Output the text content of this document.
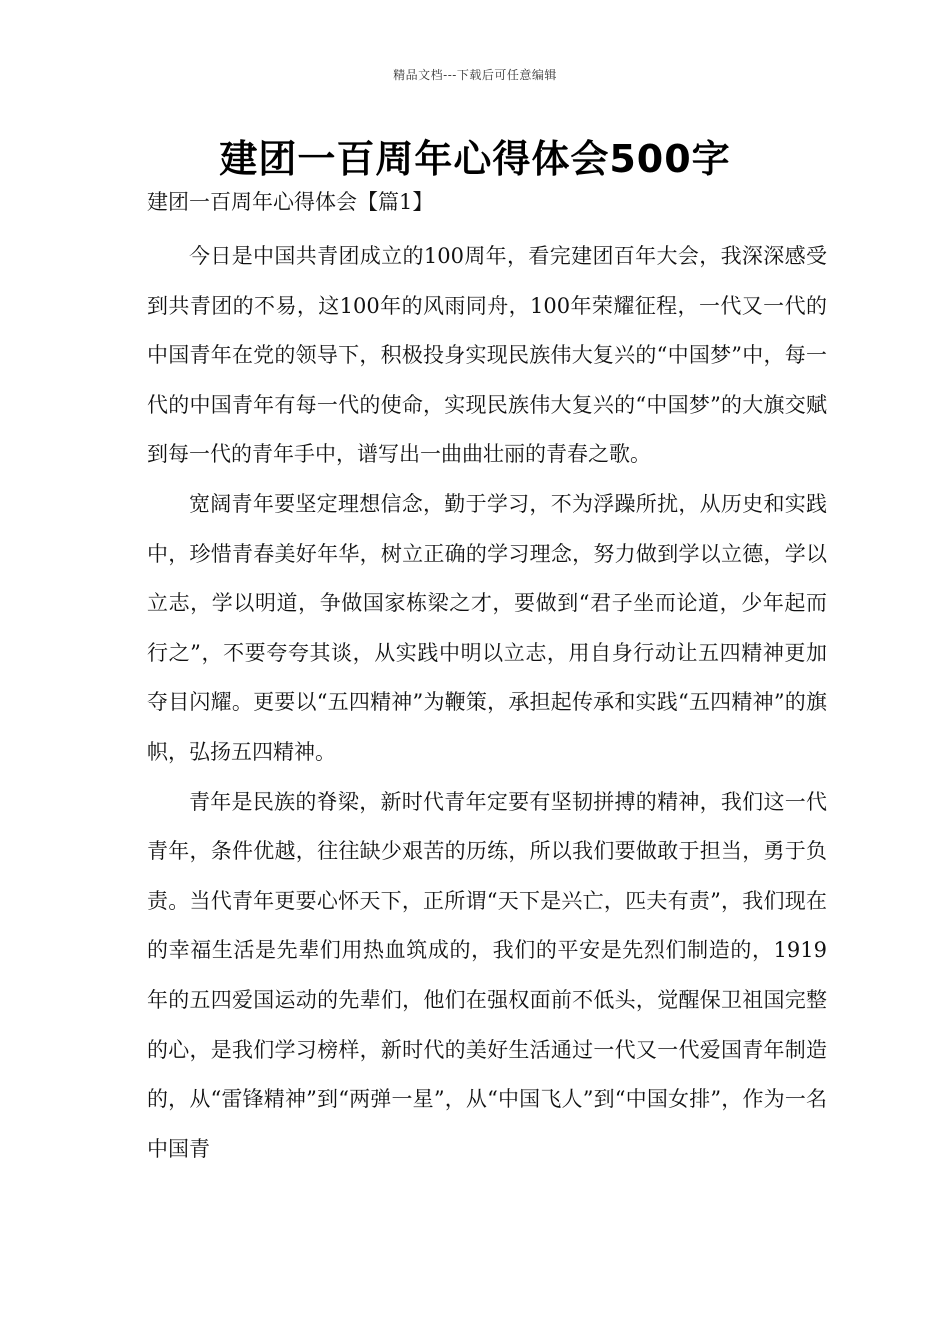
精品文档---下载后可任意编辑
建团一百周年心得体会500字
建团一百周年心得体会【篇1】

今日是中国共青团成立的100周年，看完建团百年大会，我深深感受到共青团的不易，这100年的风雨同舟，100年荣耀征程，一代又一代的中国青年在党的领导下，积极投身实现民族伟大复兴的“中国梦”中，每一代的中国青年有每一代的使命，实现民族伟大复兴的“中国梦”的大旗交赋到每一代的青年手中，谱写出一曲曲壮丽的青春之歌。

宽阔青年要坚定理想信念，勤于学习，不为浮躁所扰，从历史和实践中，珍惜青春美好年华，树立正确的学习理念，努力做到学以立德，学以立志，学以明道，争做国家栋梁之才，要做到“君子坐而论道，少年起而行之”，不要夸夸其谈，从实践中明以立志，用自身行动让五四精神更加夺目闪耀。更要以“五四精神”为鞭策，承担起传承和实践“五四精神”的旗帜，弘扬五四精神。

青年是民族的脊梁，新时代青年定要有坚韧拼搏的精神，我们这一代青年，条件优越，往往缺少艰苦的历练，所以我们要做敢于担当，勇于负责。当代青年更要心怀天下，正所谓“天下是兴亡，匹夫有责”，我们现在的幸福生活是先辈们用热血筑成的，我们的平安是先烈们制造的，1919年的五四爱国运动的先辈们，他们在强权面前不低头，觉醒保卫祖国完整的心，是我们学习榜样，新时代的美好生活通过一代又一代爱国青年制造的，从“雷锋精神”到“两弹一星”，从“中国飞人”到“中国女排”，作为一名中国青
